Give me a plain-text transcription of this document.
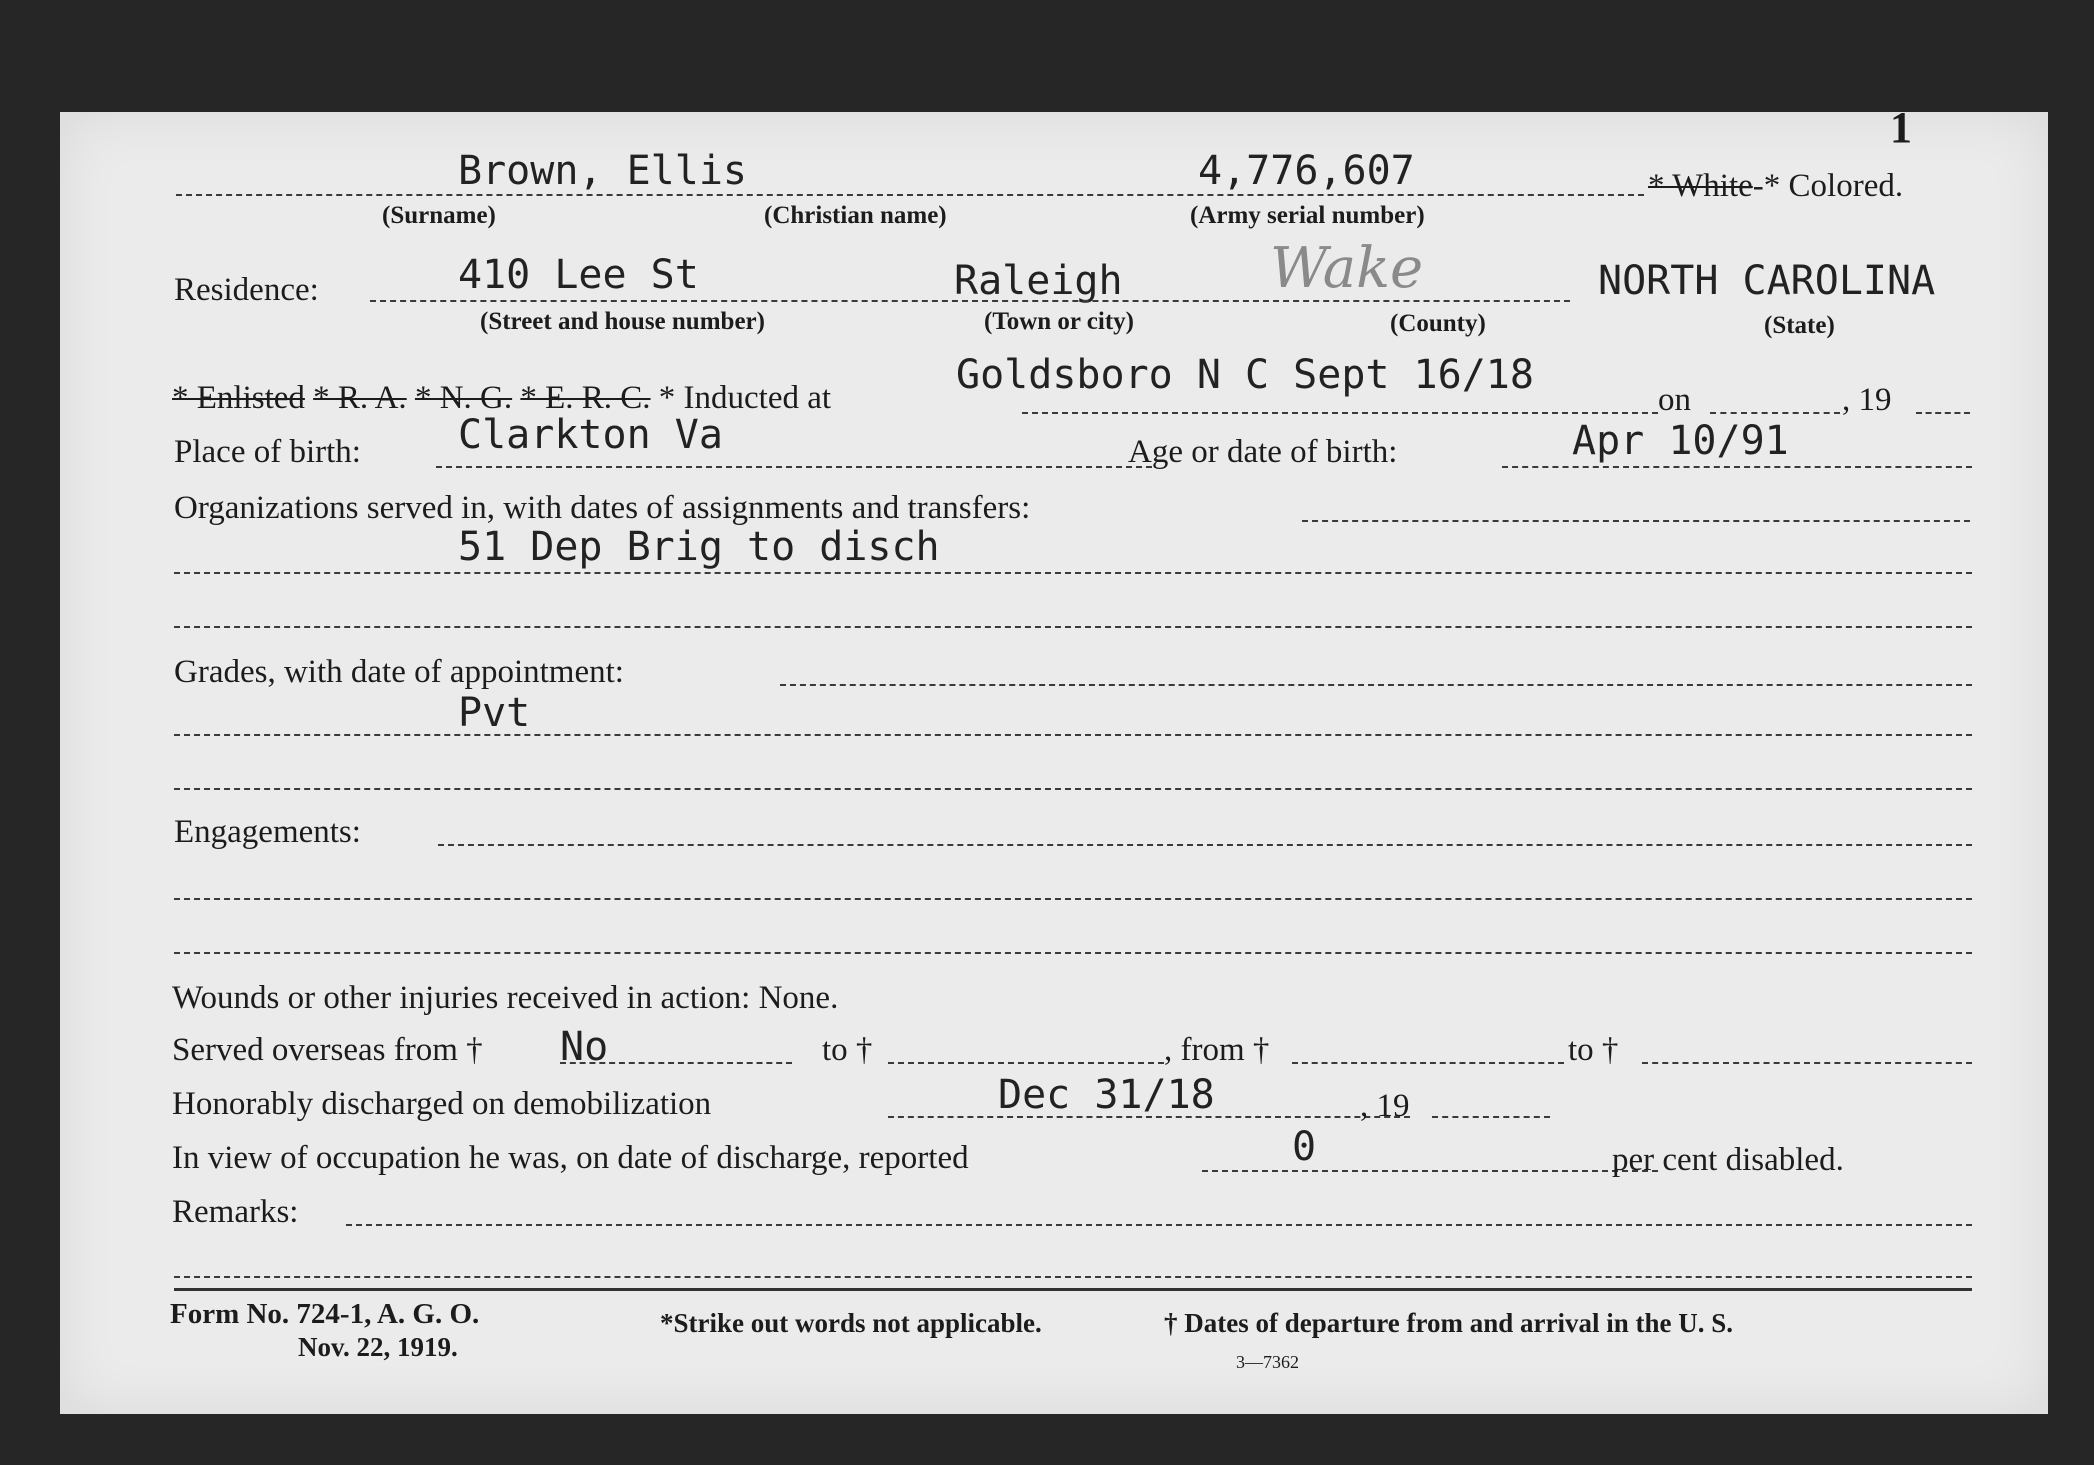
1
Brown, Ellis	4,776,607	* White-* Colored.
(Surname)	(Christian name)	(Army serial number)
Residence:	410 Lee St	Raleigh	Wake	NORTH CAROLINA
(Street and house number)	(Town or city)	(County)	(State)
* Enlisted * R. A. * N. G. * E. R. C. * Inducted at	Goldsboro N C Sept 16/18
on	, 19
Place of birth: Clarkton Va	Age or date of birth:	Apr 10/91
Organizations served in, with dates of assignments and transfers:
51 Dep Brig to disch
Grades, with date of appointment:
Pvt
Engagements:
Wounds or other injuries received in action: None.
Served overseas from † No	to †	, from †	to †
Honorably discharged on demobilization	Dec 31/18	, 19
In view of occupation he was, on date of discharge, reported	0	per cent disabled.
Remarks:
Form No. 724-1, A. G. O.
Nov. 22, 1919.
*Strike out words not applicable.	† Dates of departure from and arrival in the U. S.
3—7362
